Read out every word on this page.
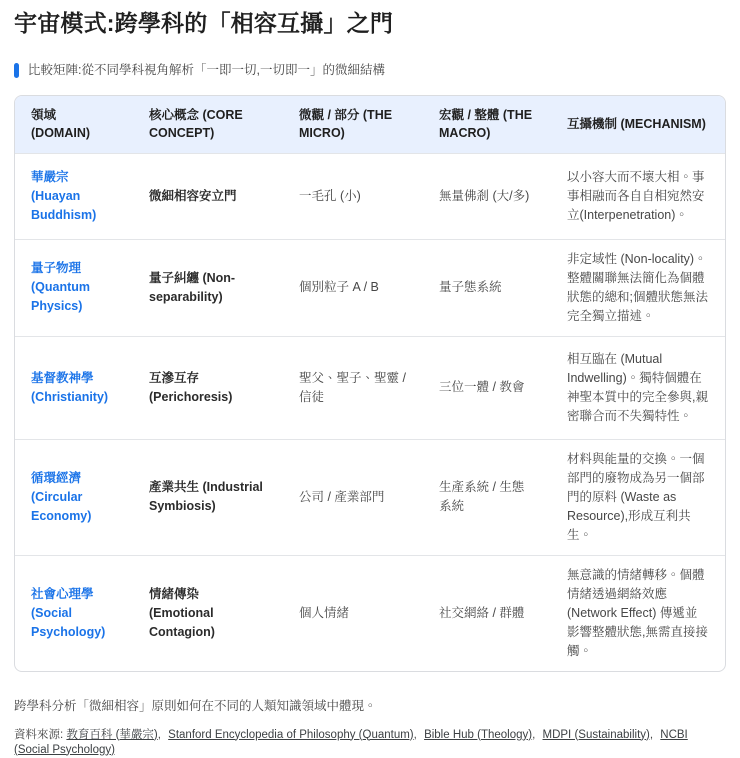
宇宙模式:跨學科的「相容互攝」之門
比較矩陣:從不同學科視角解析「一即一切,一切即一」的微細結構
領域 (DOMAIN)	核心概念 (CORE CONCEPT)	微觀 / 部分 (THE MICRO)	宏觀 / 整體 (THE MACRO)	互攝機制 (MECHANISM)
華嚴宗 (Huayan Buddhism)	微細相容安立門	一毛孔 (小)	無量佛剎 (大/多)	以小容大而不壞大相。事事相融而各自自相宛然安立(Interpenetration)。
量子物理 (Quantum Physics)	量子糾纏 (Non-separability)	個別粒子 A / B	量子態系統	非定域性 (Non-locality)。整體關聯無法簡化為個體狀態的總和;個體狀態無法完全獨立描述。
基督教神學 (Christianity)	互滲互存 (Perichoresis)	聖父、聖子、聖靈 / 信徒	三位一體 / 教會	相互臨在 (Mutual Indwelling)。獨特個體在神聖本質中的完全參與,親密聯合而不失獨特性。
循環經濟 (Circular Economy)	產業共生 (Industrial Symbiosis)	公司 / 產業部門	生產系統 / 生態系統	材料與能量的交換。一個部門的廢物成為另一個部門的原料 (Waste as Resource),形成互利共生。
社會心理學 (Social Psychology)	情緒傳染 (Emotional Contagion)	個人情緒	社交網絡 / 群體	無意識的情緒轉移。個體情緒透過網絡效應 (Network Effect) 傳遞並影響整體狀態,無需直接接觸。

跨學科分析「微細相容」原則如何在不同的人類知識領域中體現。

資料來源: 教育百科 (華嚴宗), Stanford Encyclopedia of Philosophy (Quantum), Bible Hub (Theology), MDPI (Sustainability), NCBI (Social Psychology)
